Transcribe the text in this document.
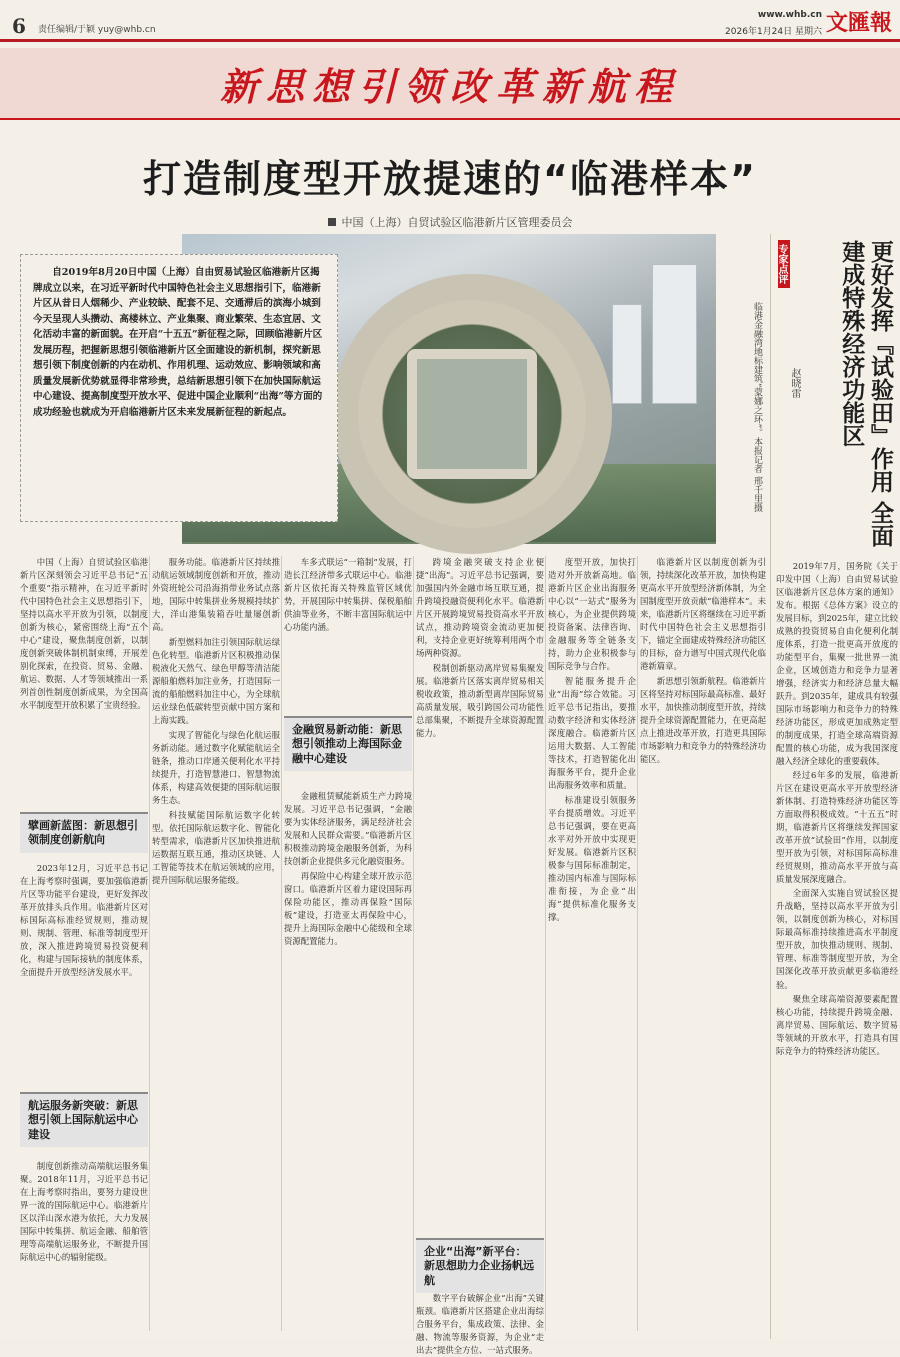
6 责任编辑/于颖 yuy@whb.cn
www.whb.cn
2026年1月24日 星期六 文匯報
新思想引领改革新航程
打造制度型开放提速的“临港样本”
中国（上海）自贸试验区临港新片区管理委员会

自2019年8月20日中国（上海）自由贸易试验区临港新片区揭牌成立以来，在习近平新时代中国特色社会主义思想指引下，临港新片区从昔日人烟稀少、产业较缺、配套不足、交通滞后的滨海小城到今天呈现人头攒动、高楼林立、产业集聚、商业繁荣、生态宜居、文化活动丰富的新面貌。在开启“十五五”新征程之际，回顾临港新片区发展历程，把握新思想引领临港新片区全面建设的新机制，探究新思想引领下制度创新的内在动机、作用机理、运动效应、影响领域和高质量发展新优势就显得非常珍贵，总结新思想引领下在加快国际航运中心建设、提高制度型开放水平、促进中国企业顺利“出海”等方面的成功经验也就成为开启临港新片区未来发展新征程的新起点。	临港金融湾地标建筑“蒙娜之环”。本报记者 邢千里摄
专家点评	更好发挥『试验田』作用 全面建成特殊经济功能区
赵晓雷

2019年7月，国务院《关于印发中国（上海）自由贸易试验区临港新片区总体方案的通知》发布。根据《总体方案》设立的发展目标，到2025年，建立比较成熟的投资贸易自由化便利化制度体系，打造一批更高开放度的功能型平台，集聚一批世界一流企业，区域创造力和竞争力显著增强，经济实力和经济总量大幅跃升。到2035年，建成具有较强国际市场影响力和竞争力的特殊经济功能区，形成更加成熟定型的制度成果，打造全球高端资源配置的核心功能，成为我国深度融入经济全球化的重要载体。

经过6年多的发展，临港新片区在建设更高水平开放型经济新体制、打造特殊经济功能区等方面取得积极成效。“十五五”时期，临港新片区将继续发挥国家改革开放“试验田”作用，以制度型开放为引领，对标国际高标准经贸规则，推动高水平开放与高质量发展深度融合。

全面深入实施自贸试验区提升战略，坚持以高水平开放为引领，以制度创新为核心，对标国际最高标准持续推进高水平制度型开放，加快推动规则、规制、管理、标准等制度型开放，为全国深化改革开放贡献更多临港经验。

聚焦全球高端资源要素配置核心功能，持续提升跨境金融、离岸贸易、国际航运、数字贸易等领域的开放水平，打造具有国际竞争力的特殊经济功能区。

中国（上海）自贸试验区临港新片区深刻领会习近平总书记“五个重要”指示精神，在习近平新时代中国特色社会主义思想指引下，坚持以高水平开放为引领，以制度创新为核心，紧密围绕上海“五个中心”建设，聚焦制度创新，以制度创新突破体制机制束缚，开展差别化探索，在投资、贸易、金融、航运、数据、人才等领域推出一系列首创性制度创新成果，为全国高水平制度型开放积累了宝贵经验。

擘画新蓝图：新思想引领制度创新航向

2023年12月，习近平总书记在上海考察时强调，要加强临港新片区等功能平台建设，更好发挥改革开放排头兵作用。临港新片区对标国际高标准经贸规则，推动规则、规制、管理、标准等制度型开放，深入推进跨境贸易投资便利化，构建与国际接轨的制度体系，全面提升开放型经济发展水平。

航运服务新突破：新思想引领上国际航运中心建设

制度创新推动高端航运服务集聚。2018年11月，习近平总书记在上海考察时指出，要努力建设世界一流的国际航运中心。临港新片区以洋山深水港为依托，大力发展国际中转集拼、航运金融、船舶管理等高端航运服务业，不断提升国际航运中心的辐射能级。

服务功能。临港新片区持续推动航运领域制度创新和开放，推动外资班轮公司沿海捎带业务试点落地，国际中转集拼业务规模持续扩大，洋山港集装箱吞吐量屡创新高。

新型燃料加注引领国际航运绿色化转型。临港新片区积极推动保税液化天然气、绿色甲醇等清洁能源船舶燃料加注业务，打造国际一流的船舶燃料加注中心，为全球航运业绿色低碳转型贡献中国方案和上海实践。

实现了智能化与绿色化航运服务新动能。通过数字化赋能航运全链条，推动口岸通关便利化水平持续提升，打造智慧港口、智慧物流体系，构建高效便捷的国际航运服务生态。

科技赋能国际航运数字化转型。依托国际航运数字化、智能化转型需求，临港新片区加快推进航运数据互联互通，推动区块链、人工智能等技术在航运领域的应用，提升国际航运服务能级。

车多式联运“一箱制”发展，打造长江经济带多式联运中心。临港新片区依托海关特殊监管区域优势，开展国际中转集拼、保税船舶供油等业务，不断丰富国际航运中心功能内涵。

金融贸易新动能：新思想引领推动上海国际金融中心建设

金融租赁赋能新质生产力跨境发展。习近平总书记强调，“金融要为实体经济服务，满足经济社会发展和人民群众需要。”临港新片区积极推动跨境金融服务创新，为科技创新企业提供多元化融资服务。

再保险中心构建全球开放示范窗口。临港新片区着力建设国际再保险功能区，推动再保险“国际板”建设，打造亚太再保险中心，提升上海国际金融中心能级和全球资源配置能力。

跨境金融突破支持企业便捷“出海”。习近平总书记强调，要加强国内外金融市场互联互通，提升跨境投融资便利化水平。临港新片区开展跨境贸易投资高水平开放试点，推动跨境资金流动更加便利，支持企业更好统筹利用两个市场两种资源。

税制创新驱动离岸贸易集聚发展。临港新片区落实离岸贸易相关税收政策，推动新型离岸国际贸易高质量发展，吸引跨国公司功能性总部集聚，不断提升全球资源配置能力。

企业“出海”新平台：新思想助力企业扬帆远航

数字平台破解企业“出海”关键瓶颈。临港新片区搭建企业出海综合服务平台，集成政策、法律、金融、物流等服务资源，为企业“走出去”提供全方位、一站式服务。

度型开放，加快打造对外开放新高地。临港新片区企业出海服务中心以“一站式”服务为核心，为企业提供跨境投资备案、法律咨询、金融服务等全链条支持，助力企业积极参与国际竞争与合作。

智能服务提升企业“出海”综合效能。习近平总书记指出，要推动数字经济和实体经济深度融合。临港新片区运用大数据、人工智能等技术，打造智能化出海服务平台，提升企业出海服务效率和质量。

标准建设引领服务平台提质增效。习近平总书记强调，要在更高水平对外开放中实现更好发展。临港新片区积极参与国际标准制定，推动国内标准与国际标准衔接，为企业“出海”提供标准化服务支撑。

临港新片区以制度创新为引领，持续深化改革开放，加快构建更高水平开放型经济新体制，为全国制度型开放贡献“临港样本”。未来，临港新片区将继续在习近平新时代中国特色社会主义思想指引下，锚定全面建成特殊经济功能区的目标，奋力谱写中国式现代化临港新篇章。

新思想引领新航程。临港新片区将坚持对标国际最高标准、最好水平，加快推动制度型开放，持续提升全球资源配置能力，在更高起点上推进改革开放，打造更具国际市场影响力和竞争力的特殊经济功能区。
